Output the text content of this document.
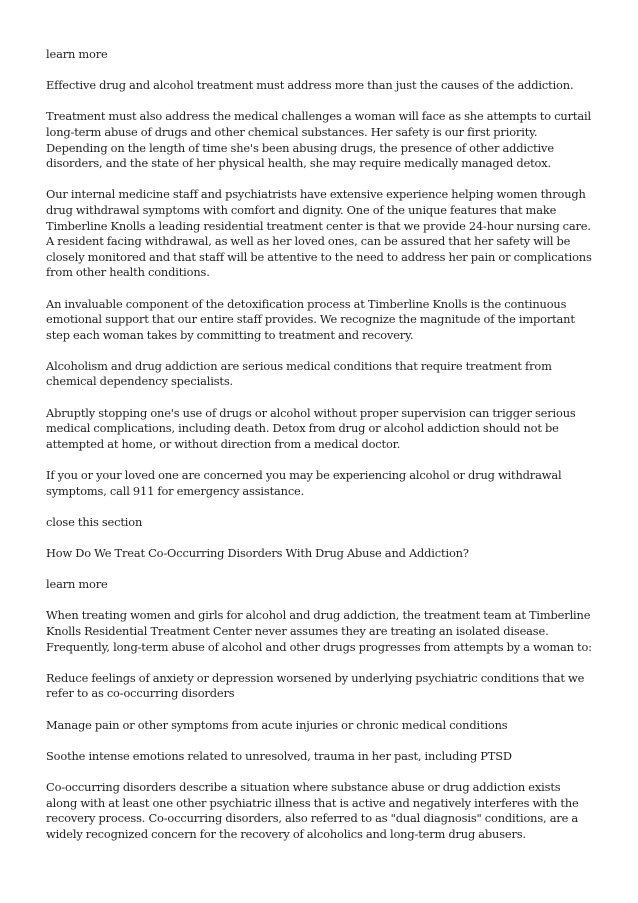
learn more

Effective drug and alcohol treatment must address more than just the causes of the addiction.

Treatment must also address the medical challenges a woman will face as she attempts to curtail long-term abuse of drugs and other chemical substances. Her safety is our first priority. Depending on the length of time she's been abusing drugs, the presence of other addictive disorders, and the state of her physical health, she may require medically managed detox.

Our internal medicine staff and psychiatrists have extensive experience helping women through drug withdrawal symptoms with comfort and dignity. One of the unique features that make Timberline Knolls a leading residential treatment center is that we provide 24-hour nursing care. A resident facing withdrawal, as well as her loved ones, can be assured that her safety will be closely monitored and that staff will be attentive to the need to address her pain or complications from other health conditions.

An invaluable component of the detoxification process at Timberline Knolls is the continuous emotional support that our entire staff provides. We recognize the magnitude of the important step each woman takes by committing to treatment and recovery.

Alcoholism and drug addiction are serious medical conditions that require treatment from chemical dependency specialists.

Abruptly stopping one's use of drugs or alcohol without proper supervision can trigger serious medical complications, including death. Detox from drug or alcohol addiction should not be attempted at home, or without direction from a medical doctor.

If you or your loved one are concerned you may be experiencing alcohol or drug withdrawal symptoms, call 911 for emergency assistance.

close this section

How Do We Treat Co-Occurring Disorders With Drug Abuse and Addiction?

learn more

When treating women and girls for alcohol and drug addiction, the treatment team at Timberline Knolls Residential Treatment Center never assumes they are treating an isolated disease. Frequently, long-term abuse of alcohol and other drugs progresses from attempts by a woman to:

Reduce feelings of anxiety or depression worsened by underlying psychiatric conditions that we refer to as co-occurring disorders

Manage pain or other symptoms from acute injuries or chronic medical conditions

Soothe intense emotions related to unresolved, trauma in her past, including PTSD

Co-occurring disorders describe a situation where substance abuse or drug addiction exists along with at least one other psychiatric illness that is active and negatively interferes with the recovery process. Co-occurring disorders, also referred to as "dual diagnosis" conditions, are a widely recognized concern for the recovery of alcoholics and long-term drug abusers.
